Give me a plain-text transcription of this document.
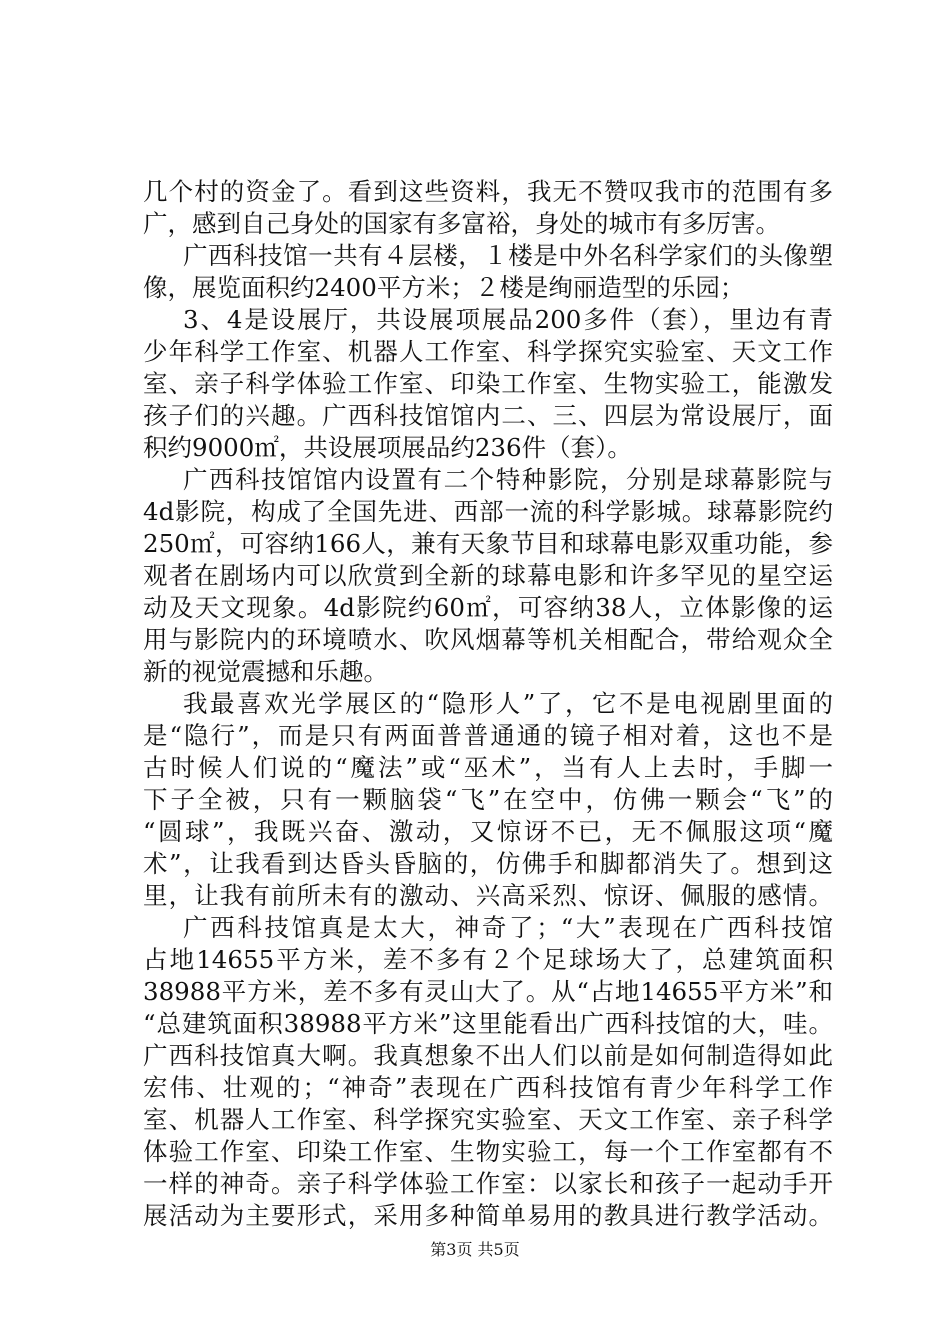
几个村的资金了。看到这些资料，我无不赞叹我市的范围有多
广，感到自己身处的国家有多富裕，身处的城市有多厉害。
广西科技馆一共有４层楼，１楼是中外名科学家们的头像塑
像，展览面积约2400平方米；２楼是绚丽造型的乐园；
3、4是设展厅，共设展项展品200多件（套），里边有青
少年科学工作室、机器人工作室、科学探究实验室、天文工作
室、亲子科学体验工作室、印染工作室、生物实验工，能激发
孩子们的兴趣。广西科技馆馆内二、三、四层为常设展厅，面
积约9000㎡，共设展项展品约236件（套）。
广西科技馆馆内设置有二个特种影院，分别是球幕影院与
4d影院，构成了全国先进、西部一流的科学影城。球幕影院约
250㎡，可容纳166人，兼有天象节目和球幕电影双重功能，参
观者在剧场内可以欣赏到全新的球幕电影和许多罕见的星空运
动及天文现象。4d影院约60㎡，可容纳38人，立体影像的运
用与影院内的环境喷水、吹风烟幕等机关相配合，带给观众全
新的视觉震撼和乐趣。
我最喜欢光学展区的“隐形人”了，它不是电视剧里面的
是“隐行”，而是只有两面普普通通的镜子相对着，这也不是
古时候人们说的“魔法”或“巫术”，当有人上去时，手脚一
下子全被，只有一颗脑袋“飞”在空中，仿佛一颗会“飞”的
“圆球”，我既兴奋、激动，又惊讶不已，无不佩服这项“魔
术”，让我看到达昏头昏脑的，仿佛手和脚都消失了。想到这
里，让我有前所未有的激动、兴高采烈、惊讶、佩服的感情。
广西科技馆真是太大，神奇了；“大”表现在广西科技馆
占地14655平方米，差不多有２个足球场大了，总建筑面积
38988平方米，差不多有灵山大了。从“占地14655平方米”和
“总建筑面积38988平方米”这里能看出广西科技馆的大，哇。
广西科技馆真大啊。我真想象不出人们以前是如何制造得如此
宏伟、壮观的；“神奇”表现在广西科技馆有青少年科学工作
室、机器人工作室、科学探究实验室、天文工作室、亲子科学
体验工作室、印染工作室、生物实验工，每一个工作室都有不
一样的神奇。亲子科学体验工作室：以家长和孩子一起动手开
展活动为主要形式，采用多种简单易用的教具进行教学活动。
第3页 共5页
